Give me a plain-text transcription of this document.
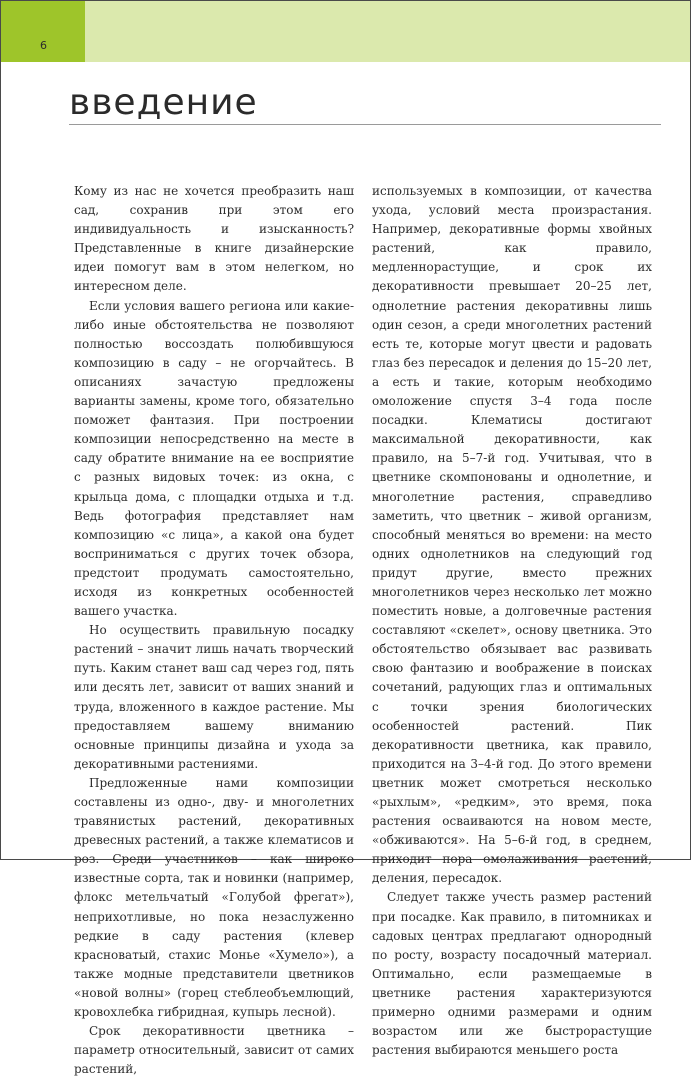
6
введение

Кому из нас не хочется преобразить наш сад, сохранив при этом его индивидуальность и изысканность? Представленные в книге дизайнерские идеи помогут вам в этом нелегком, но интересном деле.

Если условия вашего региона или какие-либо иные обстоятельства не позволяют полностью воссоздать полюбившуюся композицию в саду – не огорчайтесь. В описаниях зачастую предложены варианты замены, кроме того, обязательно поможет фантазия. При построении композиции непосредственно на месте в саду обратите внимание на ее восприятие с разных видовых точек: из окна, с крыльца дома, с площадки отдыха и т.д. Ведь фотография представляет нам композицию «с лица», а какой она будет восприниматься с других точек обзора, предстоит продумать самостоятельно, исходя из конкретных особенностей вашего участка.

Но осуществить правильную посадку растений – значит лишь начать творческий путь. Каким станет ваш сад через год, пять или десять лет, зависит от ваших знаний и труда, вложенного в каждое растение. Мы предоставляем вашему вниманию основные принципы дизайна и ухода за декоративными растениями.

Предложенные нами композиции составлены из одно-, дву- и многолетних травянистых растений, декоративных древесных растений, а также клематисов и роз. Среди участников – как широко известные сорта, так и новинки (например, флокс метельчатый «Голубой фрегат»), неприхотливые, но пока незаслуженно редкие в саду растения (клевер красноватый, стахис Монье «Хумело»), а также модные представители цветников «новой волны» (горец стеблеобъемлющий, кровохлебка гибридная, купырь лесной).

Срок декоративности цветника – параметр относительный, зависит от самих растений,

используемых в композиции, от качества ухода, условий места произрастания. Например, декоративные формы хвойных растений, как правило, медленнорастущие, и срок их декоративности превышает 20–25 лет, однолетние растения декоративны лишь один сезон, а среди многолетних растений есть те, которые могут цвести и радовать глаз без пересадок и деления до 15–20 лет, а есть и такие, которым необходимо омоложение спустя 3–4 года после посадки. Клематисы достигают максимальной декоративности, как правило, на 5–7-й год. Учитывая, что в цветнике скомпонованы и однолетние, и многолетние растения, справедливо заметить, что цветник – живой организм, способный меняться во времени: на место одних однолетников на следующий год придут другие, вместо прежних многолетников через несколько лет можно поместить новые, а долговечные растения составляют «скелет», основу цветника. Это обстоятельство обязывает вас развивать свою фантазию и воображение в поисках сочетаний, радующих глаз и оптимальных с точки зрения биологических особенностей растений. Пик декоративности цветника, как правило, приходится на 3–4-й год. До этого времени цветник может смотреться несколько «рыхлым», «редким», это время, пока растения осваиваются на новом месте, «обживаются». На 5–6-й год, в среднем, приходит пора омолаживания растений, деления, пересадок.

Следует также учесть размер растений при посадке. Как правило, в питомниках и садовых центрах предлагают однородный по росту, возрасту посадочный материал. Оптимально, если размещаемые в цветнике растения характеризуются примерно одними размерами и одним возрастом или же быстрорастущие растения выбираются меньшего роста
